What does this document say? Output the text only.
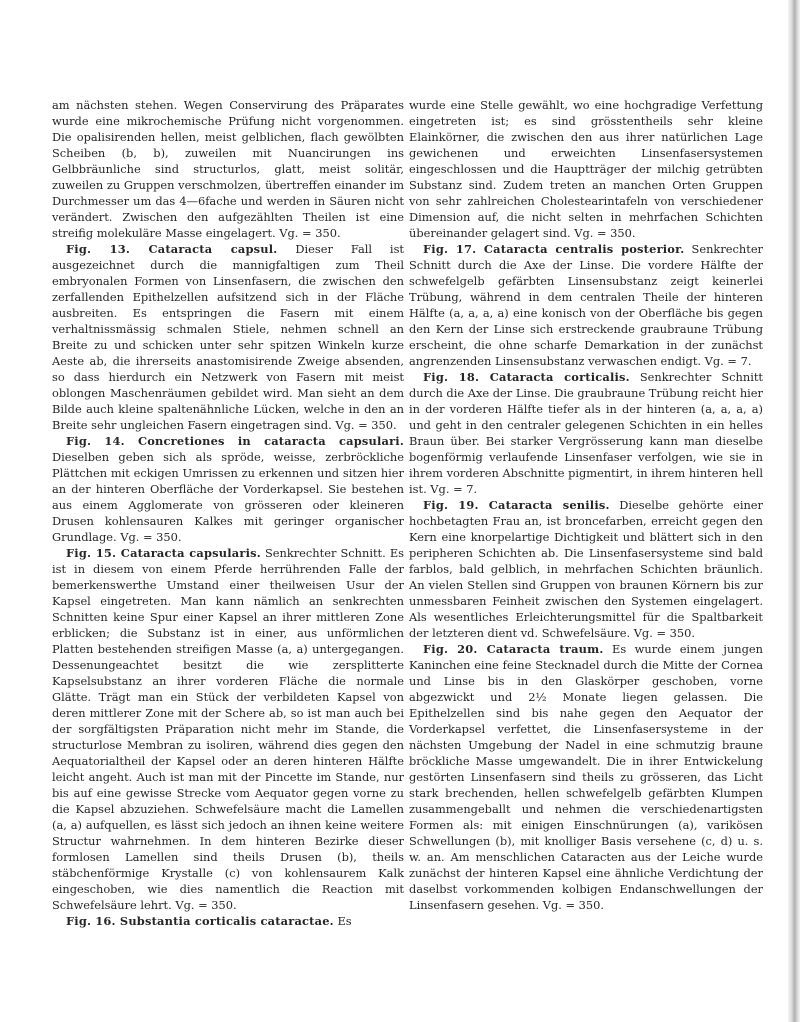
am nächsten stehen. Wegen Conservirung des Präparates wurde eine mikrochemische Prüfung nicht vorgenommen. Die opalisirenden hellen, meist gelblichen, flach gewölbten Scheiben (b, b), zuweilen mit Nuancirungen ins Gelbbräunliche sind structurlos, glatt, meist solitär, zuweilen zu Gruppen verschmolzen, übertreffen einander im Durchmesser um das 4—6fache und werden in Säuren nicht verändert. Zwischen den aufgezählten Theilen ist eine streifig molekuläre Masse eingelagert. Vg. = 350.

Fig. 13. Cataracta capsul. Dieser Fall ist ausgezeichnet durch die mannigfaltigen zum Theil embryonalen Formen von Linsenfasern, die zwischen den zerfallenden Epithelzellen aufsitzend sich in der Fläche ausbreiten. Es entspringen die Fasern mit einem verhaltnissmässig schmalen Stiele, nehmen schnell an Breite zu und schicken unter sehr spitzen Winkeln kurze Aeste ab, die ihrerseits anastomisirende Zweige absenden, so dass hierdurch ein Netzwerk von Fasern mit meist oblongen Maschenräumen gebildet wird. Man sieht an dem Bilde auch kleine spaltenähnliche Lücken, welche in den an Breite sehr ungleichen Fasern eingetragen sind. Vg. = 350.

Fig. 14. Concretiones in cataracta capsulari. Dieselben geben sich als spröde, weisse, zerbröckliche Plättchen mit eckigen Umrissen zu erkennen und sitzen hier an der hinteren Oberfläche der Vorderkapsel. Sie bestehen aus einem Agglomerate von grösseren oder kleineren Drusen kohlensauren Kalkes mit geringer organischer Grundlage. Vg. = 350.

Fig. 15. Cataracta capsularis. Senkrechter Schnitt. Es ist in diesem von einem Pferde herrührenden Falle der bemerkenswerthe Umstand einer theilweisen Usur der Kapsel eingetreten. Man kann nämlich an senkrechten Schnitten keine Spur einer Kapsel an ihrer mittleren Zone erblicken; die Substanz ist in einer, aus unförmlichen Platten bestehenden streifigen Masse (a, a) untergegangen. Dessenungeachtet besitzt die wie zersplitterte Kapselsubstanz an ihrer vorderen Fläche die normale Glätte. Trägt man ein Stück der verbildeten Kapsel von deren mittlerer Zone mit der Schere ab, so ist man auch bei der sorgfältigsten Präparation nicht mehr im Stande, die structurlose Membran zu isoliren, während dies gegen den Aequatorialtheil der Kapsel oder an deren hinteren Hälfte leicht angeht. Auch ist man mit der Pincette im Stande, nur bis auf eine gewisse Strecke vom Aequator gegen vorne zu die Kapsel abzuziehen. Schwefelsäure macht die Lamellen (a, a) aufquellen, es lässt sich jedoch an ihnen keine weitere Structur wahrnehmen. In dem hinteren Bezirke dieser formlosen Lamellen sind theils Drusen (b), theils stäbchenförmige Krystalle (c) von kohlensaurem Kalk eingeschoben, wie dies namentlich die Reaction mit Schwefelsäure lehrt. Vg. = 350.

Fig. 16. Substantia corticalis cataractae. Es

wurde eine Stelle gewählt, wo eine hochgradige Verfettung eingetreten ist; es sind grösstentheils sehr kleine Elainkörner, die zwischen den aus ihrer natürlichen Lage gewichenen und erweichten Linsenfasersystemen eingeschlossen und die Hauptträger der milchig getrübten Substanz sind. Zudem treten an manchen Orten Gruppen von sehr zahlreichen Cholestearintafeln von verschiedener Dimension auf, die nicht selten in mehrfachen Schichten übereinander gelagert sind. Vg. = 350.

Fig. 17. Cataracta centralis posterior. Senkrechter Schnitt durch die Axe der Linse. Die vordere Hälfte der schwefelgelb gefärbten Linsensubstanz zeigt keinerlei Trübung, während in dem centralen Theile der hinteren Hälfte (a, a, a, a) eine konisch von der Oberfläche bis gegen den Kern der Linse sich erstreckende graubraune Trübung erscheint, die ohne scharfe Demarkation in der zunächst angrenzenden Linsensubstanz verwaschen endigt. Vg. = 7.

Fig. 18. Cataracta corticalis. Senkrechter Schnitt durch die Axe der Linse. Die graubraune Trübung reicht hier in der vorderen Hälfte tiefer als in der hinteren (a, a, a, a) und geht in den centraler gelegenen Schichten in ein helles Braun über. Bei starker Vergrösserung kann man dieselbe bogenförmig verlaufende Linsenfaser verfolgen, wie sie in ihrem vorderen Abschnitte pigmentirt, in ihrem hinteren hell ist. Vg. = 7.

Fig. 19. Cataracta senilis. Dieselbe gehörte einer hochbetagten Frau an, ist broncefarben, erreicht gegen den Kern eine knorpelartige Dichtigkeit und blättert sich in den peripheren Schichten ab. Die Linsenfasersysteme sind bald farblos, bald gelblich, in mehrfachen Schichten bräunlich. An vielen Stellen sind Gruppen von braunen Körnern bis zur unmessbaren Feinheit zwischen den Systemen eingelagert. Als wesentliches Erleichterungsmittel für die Spaltbarkeit der letzteren dient vd. Schwefelsäure. Vg. = 350.

Fig. 20. Cataracta traum. Es wurde einem jungen Kaninchen eine feine Stecknadel durch die Mitte der Cornea und Linse bis in den Glaskörper geschoben, vorne abgezwickt und 2½ Monate liegen gelassen. Die Epithelzellen sind bis nahe gegen den Aequator der Vorderkapsel verfettet, die Linsenfasersysteme in der nächsten Umgebung der Nadel in eine schmutzig braune bröckliche Masse umgewandelt. Die in ihrer Entwickelung gestörten Linsenfasern sind theils zu grösseren, das Licht stark brechenden, hellen schwefelgelb gefärbten Klumpen zusammengeballt und nehmen die verschiedenartigsten Formen als: mit einigen Einschnürungen (a), varikösen Schwellungen (b), mit knolliger Basis versehene (c, d) u. s. w. an. Am menschlichen Cataracten aus der Leiche wurde zunächst der hinteren Kapsel eine ähnliche Verdichtung der daselbst vorkommenden kolbigen Endanschwellungen der Linsenfasern gesehen. Vg. = 350.
